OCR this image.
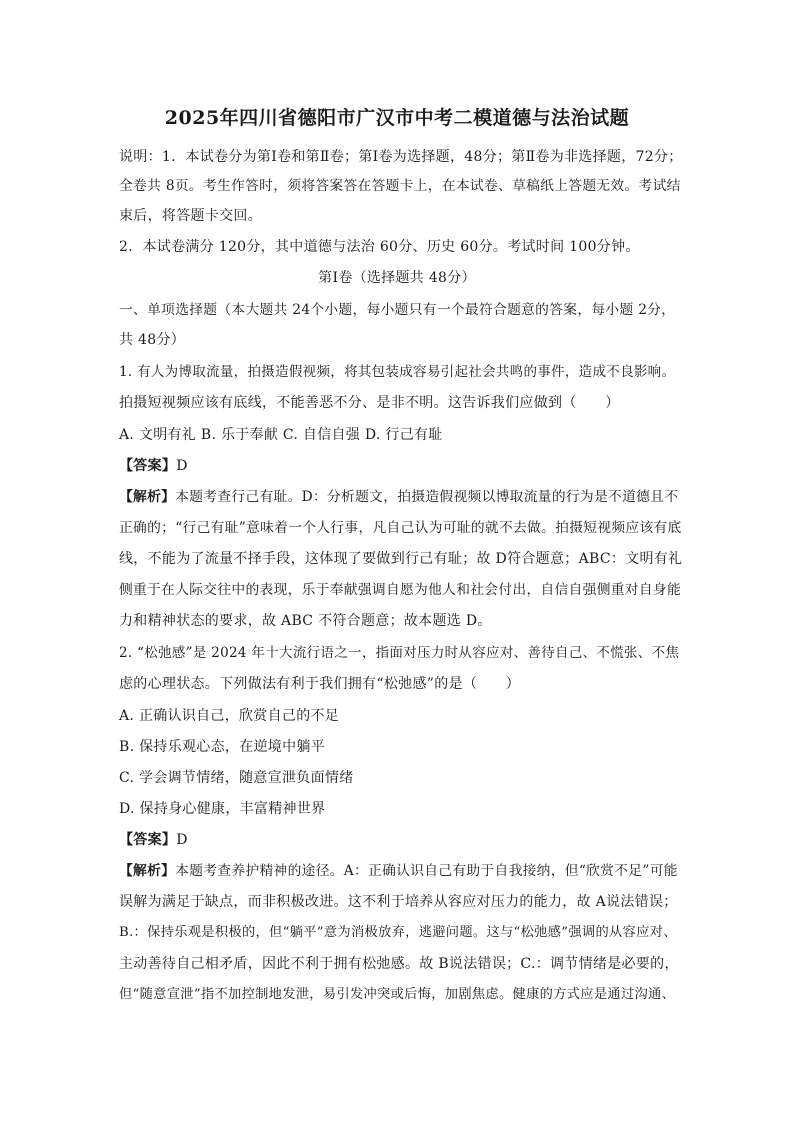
2025年四川省德阳市广汉市中考二模道德与法治试题
说明：1．本试卷分为第Ⅰ卷和第Ⅱ卷；第Ⅰ卷为选择题，48分；第Ⅱ卷为非选择题，72分；
全卷共 8页。考生作答时，须将答案答在答题卡上，在本试卷、草稿纸上答题无效。考试结
束后，将答题卡交回。
2．本试卷满分 120分，其中道德与法治 60分、历史 60分。考试时间 100分钟。
第Ⅰ卷（选择题共 48分）
一、单项选择题（本大题共 24个小题，每小题只有一个最符合题意的答案，每小题 2分，
共 48分）
1. 有人为博取流量，拍摄造假视频，将其包装成容易引起社会共鸣的事件，造成不良影响。
拍摄短视频应该有底线，不能善恶不分、是非不明。这告诉我们应做到（　　）
A. 文明有礼 B. 乐于奉献 C. 自信自强 D. 行己有耻
【答案】D
【解析】本题考查行己有耻。D：分析题文，拍摄造假视频以博取流量的行为是不道德且不
正确的；“行己有耻”意味着一个人行事，凡自己认为可耻的就不去做。拍摄短视频应该有底
线，不能为了流量不择手段，这体现了要做到行己有耻；故 D符合题意；ABC：文明有礼
侧重于在人际交往中的表现，乐于奉献强调自愿为他人和社会付出，自信自强侧重对自身能
力和精神状态的要求，故 ABC 不符合题意；故本题选 D。
2. “松弛感”是 2024 年十大流行语之一，指面对压力时从容应对、善待自己、不慌张、不焦
虑的心理状态。下列做法有利于我们拥有“松弛感”的是（　　）
A. 正确认识自己，欣赏自己的不足
B. 保持乐观心态，在逆境中躺平
C. 学会调节情绪，随意宣泄负面情绪
D. 保持身心健康，丰富精神世界
【答案】D
【解析】本题考查养护精神的途径。A：正确认识自己有助于自我接纳，但“欣赏不足”可能
误解为满足于缺点，而非积极改进。这不利于培养从容应对压力的能力，故 A说法错误；
B.：保持乐观是积极的，但“躺平”意为消极放弃，逃避问题。这与“松弛感”强调的从容应对、
主动善待自己相矛盾，因此不利于拥有松弛感。故 B说法错误；C.：调节情绪是必要的，
但“随意宣泄”指不加控制地发泄，易引发冲突或后悔，加剧焦虑。健康的方式应是通过沟通、
